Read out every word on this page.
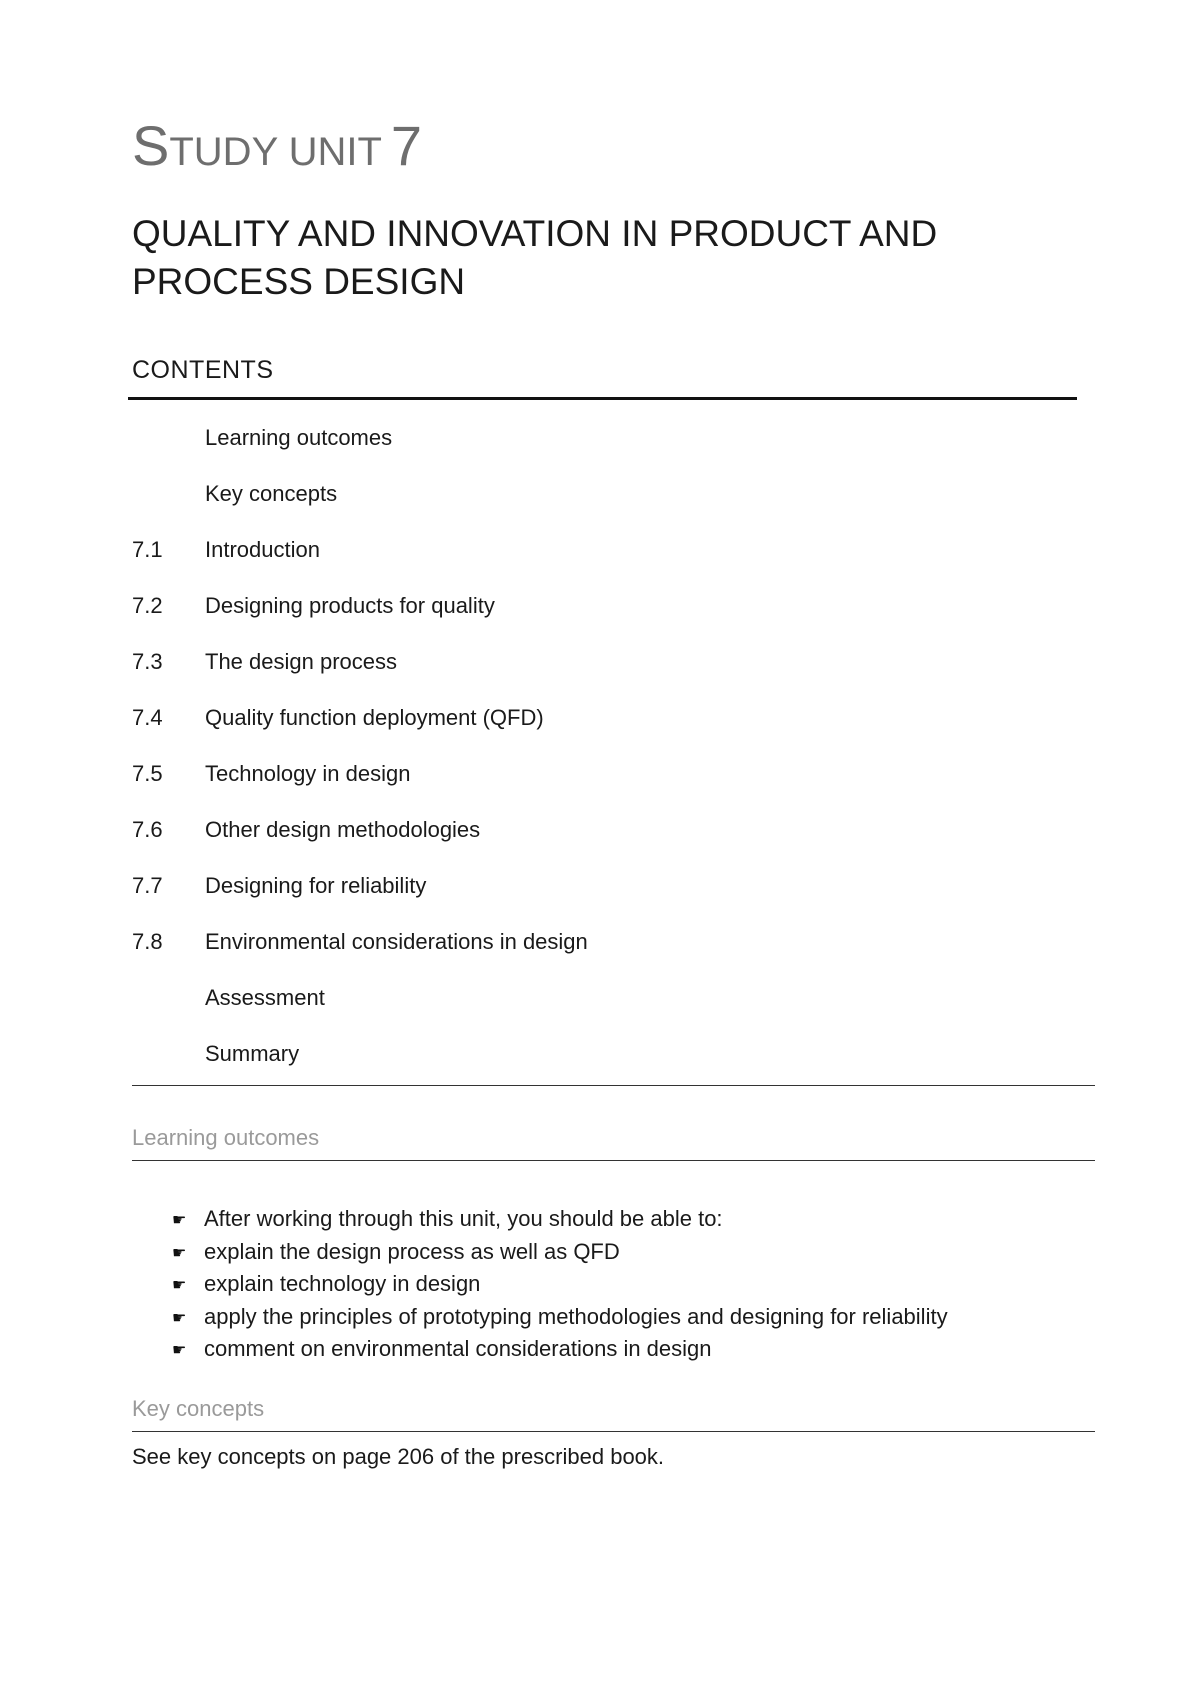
STUDY UNIT 7
QUALITY AND INNOVATION IN PRODUCT AND PROCESS DESIGN
CONTENTS
Learning outcomes
Key concepts
7.1 Introduction
7.2 Designing products for quality
7.3 The design process
7.4 Quality function deployment (QFD)
7.5 Technology in design
7.6 Other design methodologies
7.7 Designing for reliability
7.8 Environmental considerations in design
Assessment
Summary
Learning outcomes
☛ After working through this unit, you should be able to:
☛ explain the design process as well as QFD
☛ explain technology in design
☛ apply the principles of prototyping methodologies and designing for reliability
☛ comment on environmental considerations in design
Key concepts

See key concepts on page 206 of the prescribed book.
